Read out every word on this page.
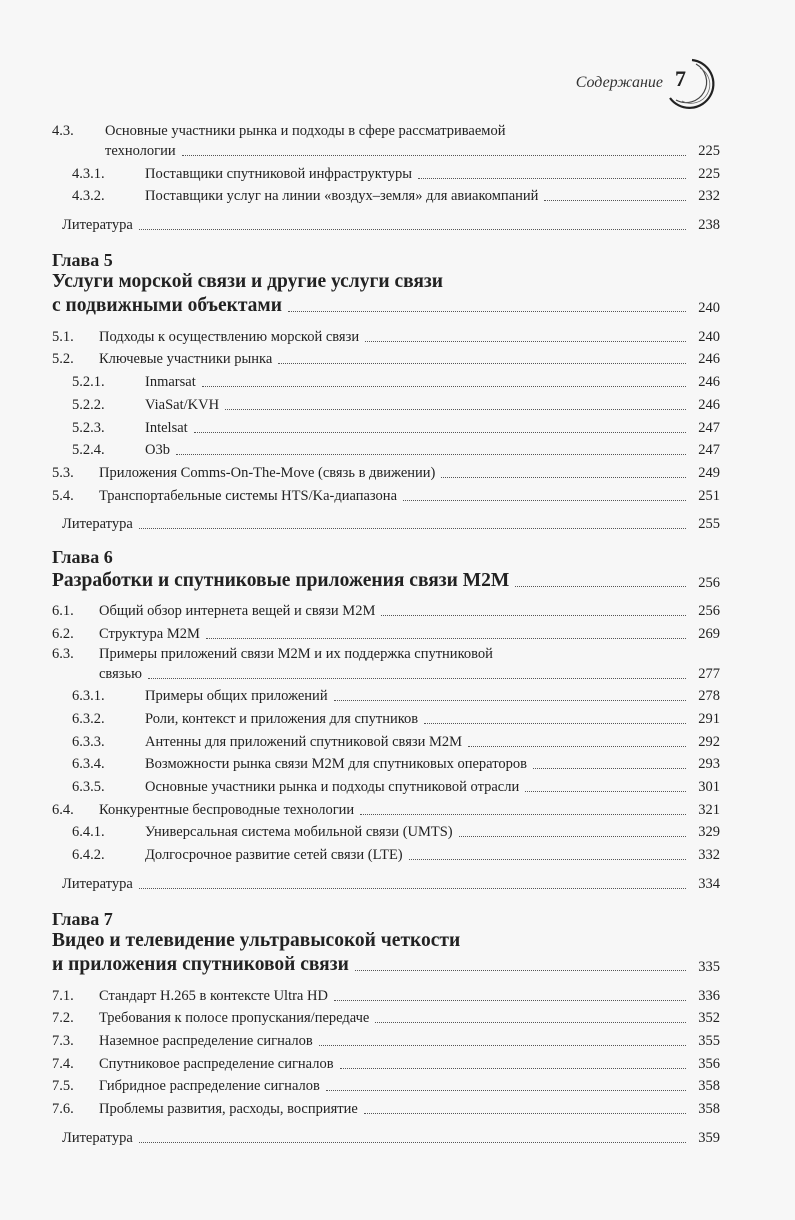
Содержание 7
4.3.	Основные участники рынка и подходы в сфере рассматриваемой
технологии	225
4.3.1.	Поставщики спутниковой инфраструктуры	225
4.3.2.	Поставщики услуг на линии «воздух–земля» для авиакомпаний	232
Литература	238
Глава 5
Услуги морской связи и другие услуги связи
с подвижными объектами	240
5.1.	Подходы к осуществлению морской связи	240
5.2.	Ключевые участники рынка	246
5.2.1.	Inmarsat	246
5.2.2.	ViaSat/KVH	246
5.2.3.	Intelsat	247
5.2.4.	O3b	247
5.3.	Приложения Comms-On-The-Move (связь в движении)	249
5.4.	Транспортабельные системы HTS/Ka-диапазона	251
Литература	255
Глава 6
Разработки и спутниковые приложения связи M2M	256
6.1.	Общий обзор интернета вещей и связи M2M	256
6.2.	Структура M2M	269
6.3.	Примеры приложений связи M2M и их поддержка спутниковой
связью	277
6.3.1.	Примеры общих приложений	278
6.3.2.	Роли, контекст и приложения для спутников	291
6.3.3.	Антенны для приложений спутниковой связи M2M	292
6.3.4.	Возможности рынка связи M2M для спутниковых операторов	293
6.3.5.	Основные участники рынка и подходы спутниковой отрасли	301
6.4.	Конкурентные беспроводные технологии	321
6.4.1.	Универсальная система мобильной связи (UMTS)	329
6.4.2.	Долгосрочное развитие сетей связи (LTE)	332
Литература	334
Глава 7
Видео и телевидение ультравысокой четкости
и приложения спутниковой связи	335
7.1.	Стандарт H.265 в контексте Ultra HD	336
7.2.	Требования к полосе пропускания/передаче	352
7.3.	Наземное распределение сигналов	355
7.4.	Спутниковое распределение сигналов	356
7.5.	Гибридное распределение сигналов	358
7.6.	Проблемы развития, расходы, восприятие	358
Литература	359
